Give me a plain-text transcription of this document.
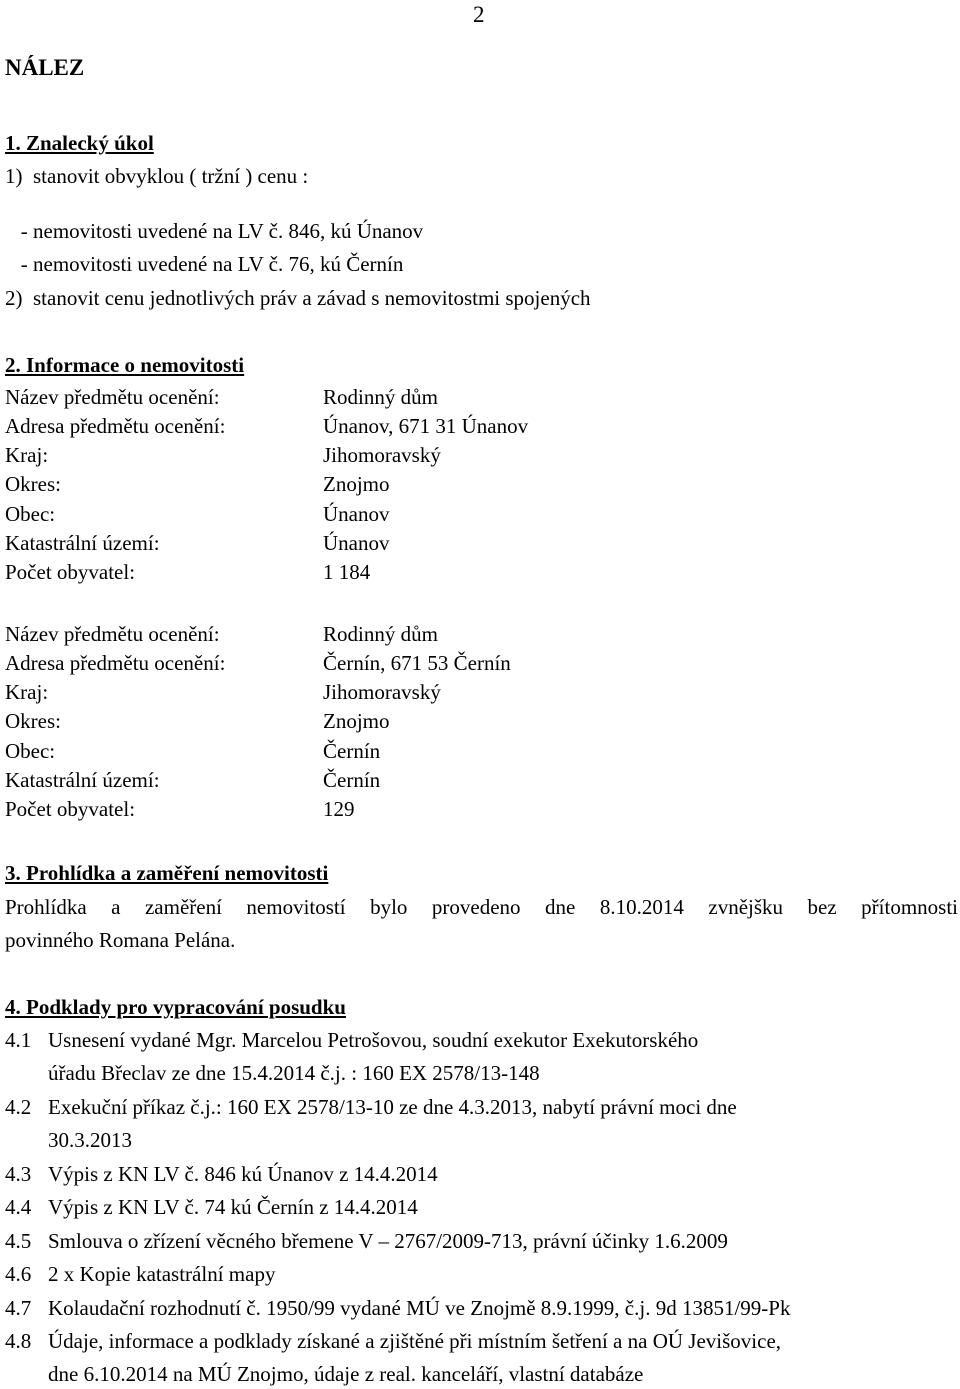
2
NÁLEZ
1. Znalecký úkol
1)  stanovit obvyklou ( tržní ) cenu :
- nemovitosti uvedené na LV č. 846, kú Únanov
- nemovitosti uvedené na LV č. 76, kú Černín
2)  stanovit cenu jednotlivých práv a závad s nemovitostmi spojených
2. Informace o nemovitosti
Název předmětu ocenění:	Rodinný dům
Adresa předmětu ocenění:	Únanov, 671 31 Únanov
Kraj:	Jihomoravský
Okres:	Znojmo
Obec:	Únanov
Katastrální území:	Únanov
Počet obyvatel:	1 184
Název předmětu ocenění:	Rodinný dům
Adresa předmětu ocenění:	Černín, 671 53 Černín
Kraj:	Jihomoravský
Okres:	Znojmo
Obec:	Černín
Katastrální území:	Černín
Počet obyvatel:	129
3. Prohlídka a zaměření nemovitosti
Prohlídka a zaměření nemovitostí bylo provedeno dne 8.10.2014 zvnějšku bez přítomnosti
povinného Romana Pelána.
4. Podklady pro vypracování posudku
4.1 Usnesení vydané Mgr. Marcelou Petrošovou, soudní exekutor Exekutorského
úřadu Břeclav ze dne 15.4.2014 č.j. : 160 EX 2578/13-148
4.2 Exekuční příkaz č.j.: 160 EX 2578/13-10 ze dne 4.3.2013, nabytí právní moci dne
30.3.2013
4.3 Výpis z KN LV č. 846 kú Únanov z 14.4.2014
4.4 Výpis z KN LV č. 74 kú Černín z 14.4.2014
4.5 Smlouva o zřízení věcného břemene V – 2767/2009-713, právní účinky 1.6.2009
4.6 2 x Kopie katastrální mapy
4.7 Kolaudační rozhodnutí č. 1950/99 vydané MÚ ve Znojmě 8.9.1999, č.j. 9d 13851/99-Pk
4.8 Údaje, informace a podklady získané a zjištěné při místním šetření a na OÚ Jevišovice,
dne 6.10.2014 na MÚ Znojmo, údaje z real. kanceláří, vlastní databáze
